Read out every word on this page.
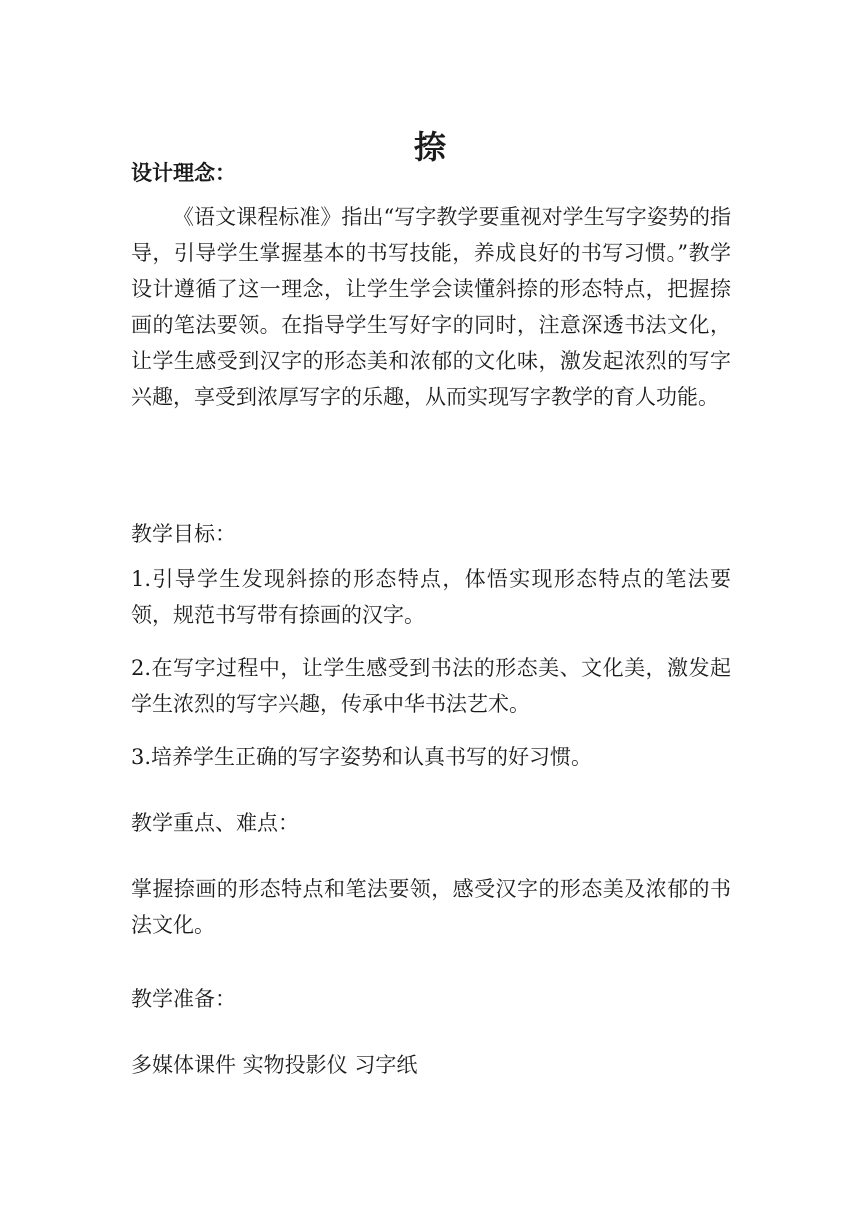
捺

设计理念：

《语文课程标准》指出“写字教学要重视对学生写字姿势的指导，引导学生掌握基本的书写技能，养成良好的书写习惯。”教学设计遵循了这一理念，让学生学会读懂斜捺的形态特点，把握捺画的笔法要领。在指导学生写好字的同时，注意深透书法文化，让学生感受到汉字的形态美和浓郁的文化味，激发起浓烈的写字兴趣，享受到浓厚写字的乐趣，从而实现写字教学的育人功能。

教学目标：

1.引导学生发现斜捺的形态特点，体悟实现形态特点的笔法要领，规范书写带有捺画的汉字。

2.在写字过程中，让学生感受到书法的形态美、文化美，激发起学生浓烈的写字兴趣，传承中华书法艺术。

3.培养学生正确的写字姿势和认真书写的好习惯。

教学重点、难点：

掌握捺画的形态特点和笔法要领，感受汉字的形态美及浓郁的书法文化。

教学准备：

多媒体课件 实物投影仪 习字纸
